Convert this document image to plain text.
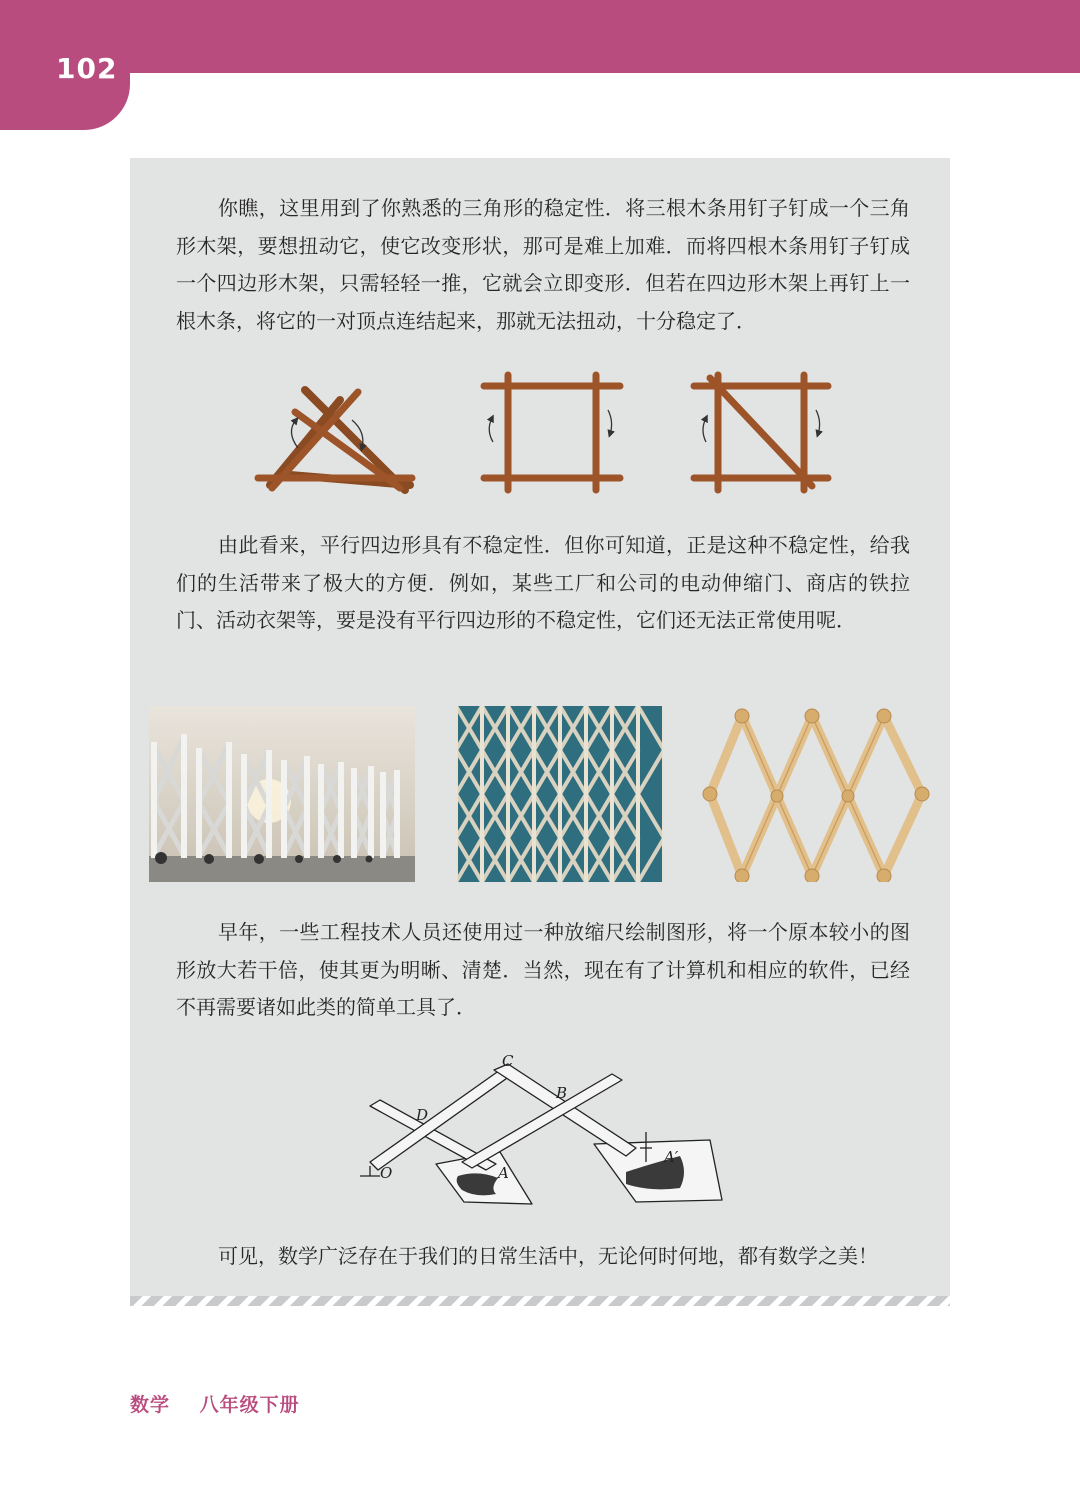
102

你瞧，这里用到了你熟悉的三角形的稳定性．将三根木条用钉子钉成一个三角形木架，要想扭动它，使它改变形状，那可是难上加难．而将四根木条用钉子钉成一个四边形木架，只需轻轻一推，它就会立即变形．但若在四边形木架上再钉上一根木条，将它的一对顶点连结起来，那就无法扭动，十分稳定了．

由此看来，平行四边形具有不稳定性．但你可知道，正是这种不稳定性，给我们的生活带来了极大的方便．例如，某些工厂和公司的电动伸缩门、商店的铁拉门、活动衣架等，要是没有平行四边形的不稳定性，它们还无法正常使用呢．

早年，一些工程技术人员还使用过一种放缩尺绘制图形，将一个原本较小的图形放大若干倍，使其更为明晰、清楚．当然，现在有了计算机和相应的软件，已经不再需要诸如此类的简单工具了．

C
B
D
O	A
A′

可见，数学广泛存在于我们的日常生活中，无论何时何地，都有数学之美！

数学 八年级下册
